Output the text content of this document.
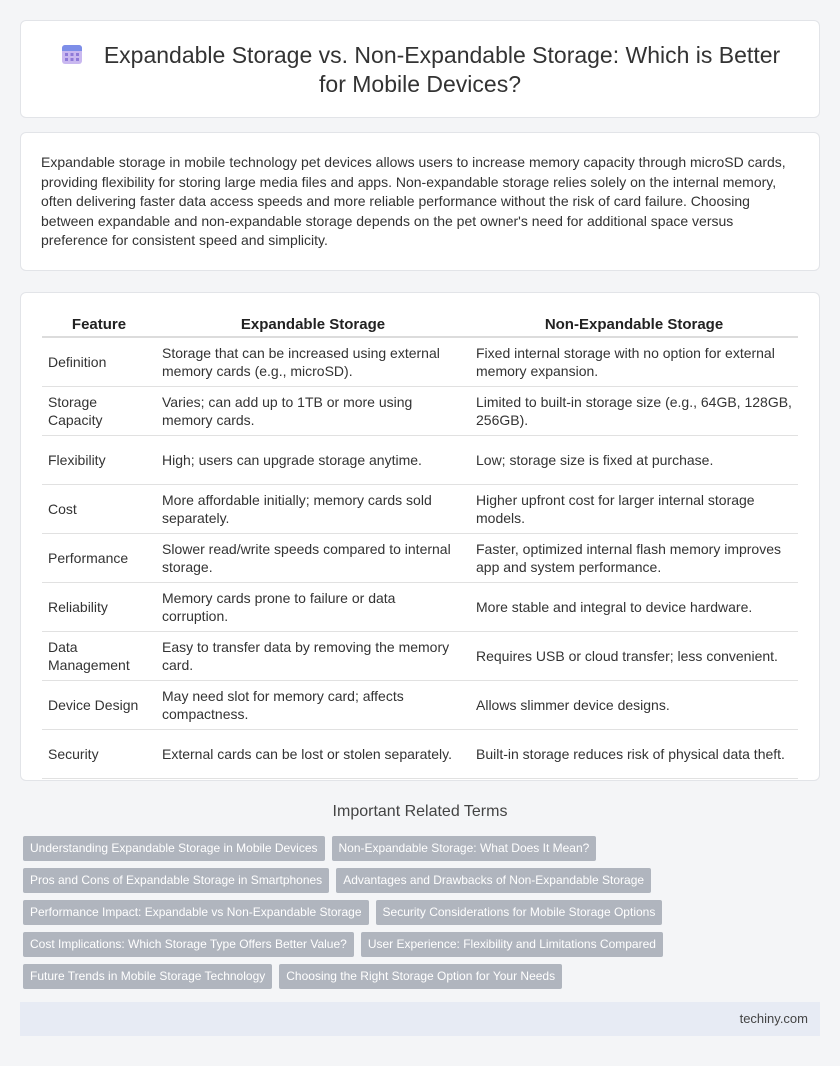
Expandable Storage vs. Non-Expandable Storage: Which is Better for Mobile Devices?

Expandable storage in mobile technology pet devices allows users to increase memory capacity through microSD cards, providing flexibility for storing large media files and apps. Non-expandable storage relies solely on the internal memory, often delivering faster data access speeds and more reliable performance without the risk of card failure. Choosing between expandable and non-expandable storage depends on the pet owner's need for additional space versus preference for consistent speed and simplicity.

Feature	Expandable Storage	Non-Expandable Storage
Definition	Storage that can be increased using external memory cards (e.g., microSD).	Fixed internal storage with no option for external memory expansion.
Storage Capacity	Varies; can add up to 1TB or more using memory cards.	Limited to built-in storage size (e.g., 64GB, 128GB, 256GB).
Flexibility	High; users can upgrade storage anytime.	Low; storage size is fixed at purchase.
Cost	More affordable initially; memory cards sold separately.	Higher upfront cost for larger internal storage models.
Performance	Slower read/write speeds compared to internal storage.	Faster, optimized internal flash memory improves app and system performance.
Reliability	Memory cards prone to failure or data corruption.	More stable and integral to device hardware.
Data Management	Easy to transfer data by removing the memory card.	Requires USB or cloud transfer; less convenient.
Device Design	May need slot for memory card; affects compactness.	Allows slimmer device designs.
Security	External cards can be lost or stolen separately.	Built-in storage reduces risk of physical data theft.
Important Related Terms
Understanding Expandable Storage in Mobile Devices	Non-Expandable Storage: What Does It Mean?
Pros and Cons of Expandable Storage in Smartphones	Advantages and Drawbacks of Non-Expandable Storage
Performance Impact: Expandable vs Non-Expandable Storage	Security Considerations for Mobile Storage Options
Cost Implications: Which Storage Type Offers Better Value?	User Experience: Flexibility and Limitations Compared
Future Trends in Mobile Storage Technology	Choosing the Right Storage Option for Your Needs
techiny.com
